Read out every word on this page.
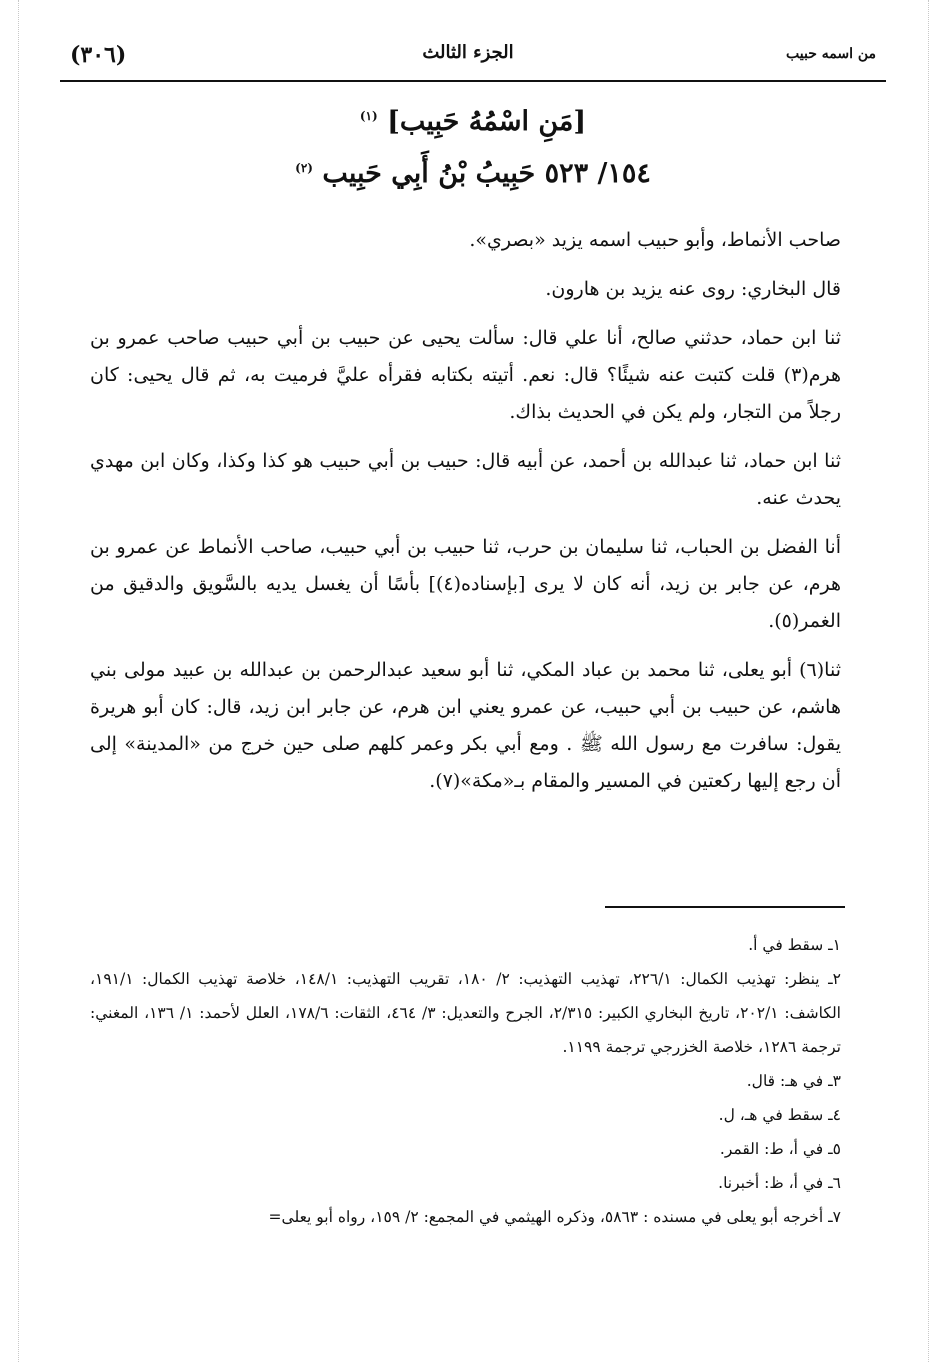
(٣٠٦)	الجزء الثالث	من اسمه حبيب
[مَنِ اسْمُهُ حَبِيب] $^{(١)}$
١٥٤/ ٥٢٣ حَبِيبُ بْنُ أَبِي حَبِيب $^{(٢)}$

صاحب الأنماط، وأبو حبيب اسمه يزيد «بصري».

قال البخاري: روى عنه يزيد بن هارون.

ثنا ابن حماد، حدثني صالح، أنا علي قال: سألت يحيى عن حبيب بن أبي حبيب صاحب عمرو بن هرم(٣) قلت كتبت عنه شيئًا؟ قال: نعم. أتيته بكتابه فقرأه عليَّ فرميت به، ثم قال يحيى: كان رجلاً من التجار، ولم يكن في الحديث بذاك.

ثنا ابن حماد، ثنا عبدالله بن أحمد، عن أبيه قال: حبيب بن أبي حبيب هو كذا وكذا، وكان ابن مهدي يحدث عنه.

أنا الفضل بن الحباب، ثنا سليمان بن حرب، ثنا حبيب بن أبي حبيب، صاحب الأنماط عن عمرو بن هرم، عن جابر بن زيد، أنه كان لا يرى [بإسناده(٤)] بأسًا أن يغسل يديه بالسَّويق والدقيق من الغمر(٥).

ثنا(٦) أبو يعلى، ثنا محمد بن عباد المكي، ثنا أبو سعيد عبدالرحمن بن عبدالله بن عبيد مولى بني هاشم، عن حبيب بن أبي حبيب، عن عمرو يعني ابن هرم، عن جابر ابن زيد، قال: كان أبو هريرة يقول: سافرت مع رسول الله ﷺ . ومع أبي بكر وعمر كلهم صلى حين خرج من «المدينة» إلى أن رجع إليها ركعتين في المسير والمقام بـ«مكة»(٧).

١ـ سقط في أ.

٢ـ ينظر: تهذيب الكمال: ٢٢٦/١، تهذيب التهذيب: ٢/ ١٨٠، تقريب التهذيب: ١٤٨/١، خلاصة تهذيب الكمال: ١٩١/١، الكاشف: ٢٠٢/١، تاريخ البخاري الكبير: ٢/٣١٥، الجرح والتعديل: ٣/ ٤٦٤، الثقات: ١٧٨/٦، العلل لأحمد: ١/ ١٣٦، المغني: ترجمة ١٢٨٦، خلاصة الخزرجي ترجمة ١١٩٩.

٣ـ في هـ: قال.

٤ـ سقط في هـ، ل.

٥ـ في أ، ط: القمر.

٦ـ في أ، ظ: أخبرنا.

٧ـ أخرجه أبو يعلى في مسنده : ٥٨٦٣، وذكره الهيثمي في المجمع: ٢/ ١٥٩، رواه أبو يعلى=
